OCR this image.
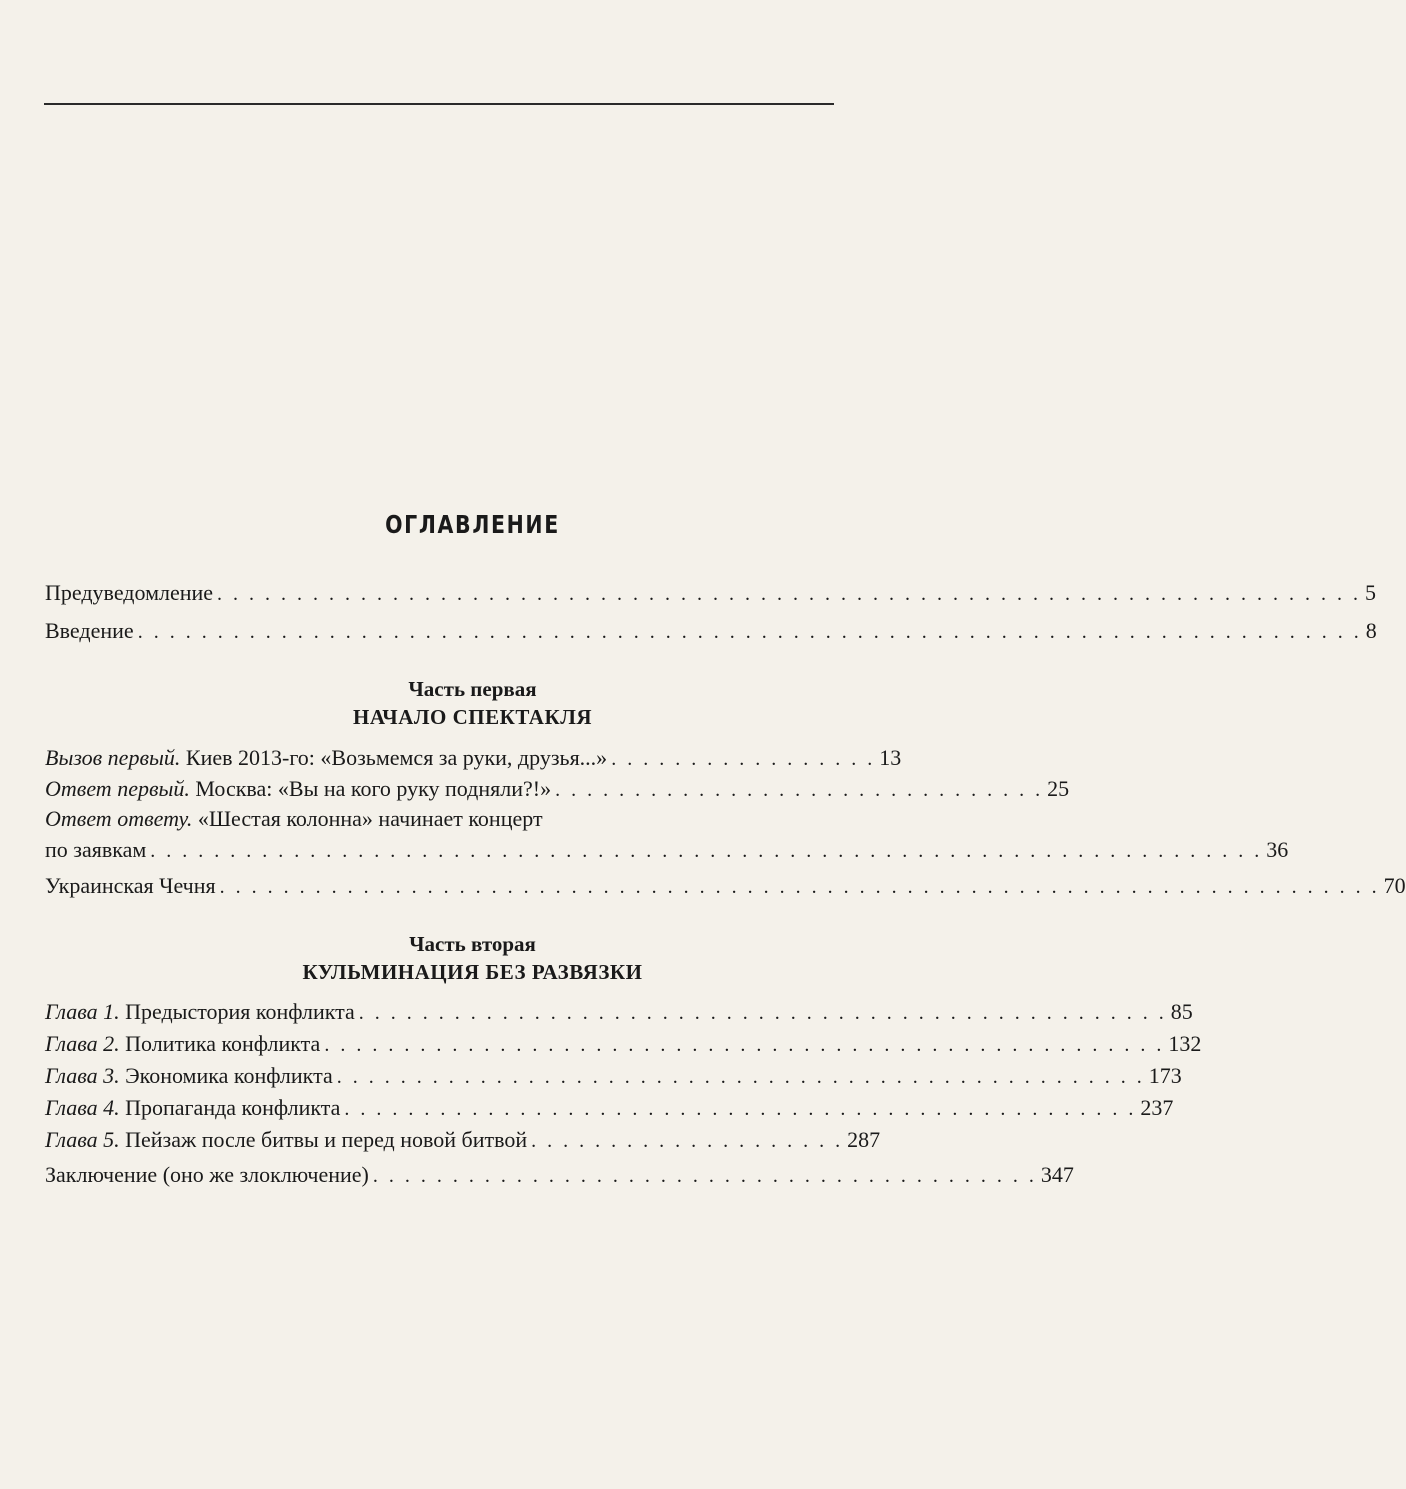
ОГЛАВЛЕНИЕ
Предуведомление . . . . . . . . . . . . . . . . . . . . . . . . . . . . . . . . . . . . . . . . . . . . . . . . . . . . . . . . . . . . . . . . . . . . . . . . 5
Введение . . . . . . . . . . . . . . . . . . . . . . . . . . . . . . . . . . . . . . . . . . . . . . . . . . . . . . . . . . . . . . . . . . . . . . . . . . . . . 8
Часть первая
НАЧАЛО СПЕКТАКЛЯ
Вызов первый. Киев 2013-го: «Возьмемся за руки, друзья...» . . . . . . . . . . . . . . . . . 13
Ответ первый. Москва: «Вы на кого руку подняли?!» . . . . . . . . . . . . . . . . . . . . . . . . . . . . . . . 25
Ответ ответу. «Шестая колонна» начинает концерт
по заявкам . . . . . . . . . . . . . . . . . . . . . . . . . . . . . . . . . . . . . . . . . . . . . . . . . . . . . . . . . . . . . . . . . . . . . . 36
Украинская Чечня . . . . . . . . . . . . . . . . . . . . . . . . . . . . . . . . . . . . . . . . . . . . . . . . . . . . . . . . . . . . . . . . . . . . . . . . . 70
Часть вторая
КУЛЬМИНАЦИЯ БЕЗ РАЗВЯЗКИ
Глава 1. Предыстория конфликта . . . . . . . . . . . . . . . . . . . . . . . . . . . . . . . . . . . . . . . . . . . . . . . . . . . 85
Глава 2. Политика конфликта . . . . . . . . . . . . . . . . . . . . . . . . . . . . . . . . . . . . . . . . . . . . . . . . . . . . . 132
Глава 3. Экономика конфликта . . . . . . . . . . . . . . . . . . . . . . . . . . . . . . . . . . . . . . . . . . . . . . . . . . . 173
Глава 4. Пропаганда конфликта . . . . . . . . . . . . . . . . . . . . . . . . . . . . . . . . . . . . . . . . . . . . . . . . . . 237
Глава 5. Пейзаж после битвы и перед новой битвой . . . . . . . . . . . . . . . . . . . . 287
Заключение (оно же злоключение) . . . . . . . . . . . . . . . . . . . . . . . . . . . . . . . . . . . . . . . . . . 347
